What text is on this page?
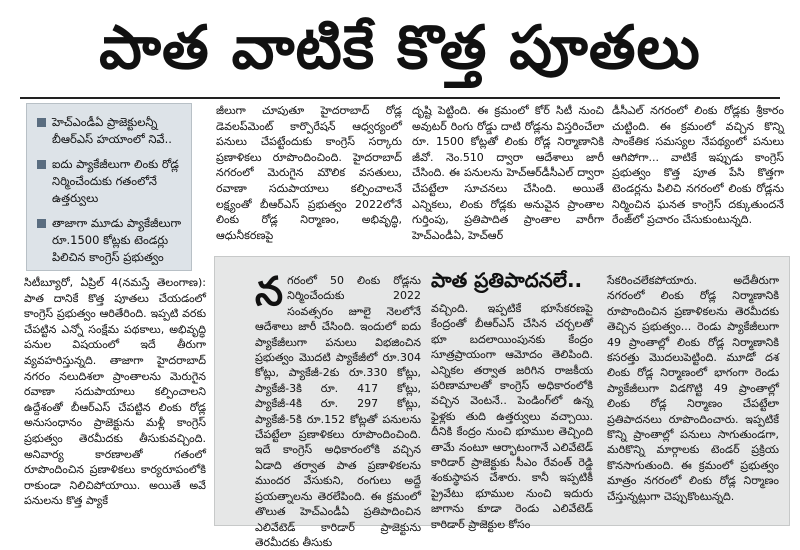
పాత వాటికే కొత్త పూతలు
హెచ్‌ఎండీఏ ప్రాజెక్టులన్నీ బీఆర్‌ఎస్ హయాంలో నివే..
ఐదు ప్యాకేజీలుగా లింకు రోడ్ల నిర్మించేందుకు గతంలోనే ఉత్తర్వులు
తాజాగా మూడు ప్యాకేజీలుగా రూ.1500 కోట్లకు టెండర్లు పిలిచిన కాంగ్రెస్ ప్రభుత్వం
సిటీబ్యూరో, ఏప్రిల్ 4(నమస్తే తెలంగాణ): పాత దానికే కొత్త పూతలు చేయడంలో కాంగ్రెస్ ప్రభుత్వం ఆరితేరింది. ఇప్పటి వరకు చేపట్టిన ఎన్నో సంక్షేమ పథకాలు, అభివృద్ధి పనుల విషయంలో ఇదే తీరుగా వ్యవహరిస్తున్నది. తాజాగా హైదరాబాద్ నగరం నలుదిశలా ప్రాంతాలను మెరుగైన రవాణా సదుపాయాలు కల్పించాలని ఉద్దేశంతో బీఆర్‌ఎస్ చేపట్టిన లింకు రోడ్ల అనుసంధానం ప్రాజెక్టును మళ్లీ కాంగ్రెస్ ప్రభుత్వం తెరమీదకు తీసుకువచ్చింది. అనివార్య కారణాలతో గతంలో రూపొందించిన ప్రణాళికలు కార్యరూపంలోకి రాకుండా నిలిచిపోయాయి. అయితే అవే పనులను కొత్త ప్యాకే
జీలుగా చూపుతూ హైదరాబాద్ రోడ్ల డెవలప్‌మెంట్ కార్పొరేషన్ ఆధ్వర్యంలో పనులు చేపట్టేందుకు కాంగ్రెస్ సర్కారు ప్రణాళికలు రూపొందించింది. హైదరాబాద్ నగరంలో మెరుగైన మౌలిక వసతులు, రవాణా సదుపాయాలు కల్పించాలనే లక్ష్యంతో బీఆర్‌ఎస్ ప్రభుత్వం 2022లోనే లింకు రోడ్ల నిర్మాణం, అభివృద్ధి, ఆధునీకరణపై
దృష్టి పెట్టింది. ఈ క్రమంలో కోర్ సిటీ నుంచి అవుటర్ రింగు రోడ్డు దాటి రోడ్లను విస్తరించేలా రూ. 1500 కోట్లతో లింకు రోడ్ల నిర్మాణానికి జీవో. నెం.510 ద్వారా ఆదేశాలు జారీ చేసింది. ఈ పనులను హెచ్‌ఆర్‌డీసీఎల్ ద్వారా చేపట్టేలా సూచనలు చేసింది. అయితే ఎన్నికలు, లింకు రోడ్లకు అనువైన ప్రాంతాల గుర్తింపు, ప్రతిపాదిత ప్రాంతాల వారీగా హెచ్‌ఎండీఏ, హెచ్‌ఆర్
డీసీఎల్ నగరంలో లింకు రోడ్లకు శ్రీకారం చుట్టింది. ఈ క్రమంలో వచ్చిన కొన్ని సాంకేతిక సమస్యల నేపథ్యంలో పనులు ఆగిపోగా... వాటికే ఇప్పుడు కాంగ్రెస్ ప్రభుత్వం కొత్త పూత పేసి కొత్తగా టెండర్లను పిలిచి నగరంలో లింకు రోడ్లను నిర్మించిన ఘనత కాంగ్రెస్ దక్కుతుందనే రేంజ్‌లో ప్రచారం చేసుకుంటున్నది.
న గరంలో 50 లింకు రోడ్లను నిర్మించేందుకు 2022 సంవత్సరం జూలై నెలలోనే ఆదేశాలు జారీ చేసింది. ఇందులో ఐదు ప్యాకేజీలుగా పనులు విభజించిన ప్రభుత్వం మొదటి ప్యాకేజీలో రూ.304 కోట్లు, ప్యాకేజీ-2కు రూ.330 కోట్లు, ప్యాకేజీ-3కి రూ. 417 కోట్లు, ప్యాకేజీ-4కి రూ. 297 కోట్లు, ప్యాకేజీ-5కి రూ.152 కోట్లతో పనులను చేపట్టేలా ప్రణాళికలు రూపొందించింది. ఇదే కాంగ్రెస్ అధికారంలోకి వచ్చిన ఏడాది తర్వాత పాత ప్రణాళికలను ముందర వేసుకుని, రంగులు అద్దే ప్రయత్నాలను తెరలేపింది. ఈ క్రమంలో తొలుత హెచ్‌ఎండీఏ ప్రతిపాదించిన ఎలివేటెడ్ కారిడార్ ప్రాజెక్టును తెరమీదకు తీసుకు
పాత ప్రతిపాదనలే..
వచ్చింది. ఇప్పటికే భూసేకరణపై కేంద్రంతో బీఆర్‌ఎస్ చేసిన చర్చలతో భూ బదలాయింపునకు కేంద్రం సూత్రప్రాయంగా ఆమోదం తెలిపింది. ఎన్నికల తర్వాత జరిగిన రాజకీయ పరిణామాలతో కాంగ్రెస్ అధికారంలోకి వచ్చిన వెంటనే.. పెండింగ్‌లో ఉన్న ఫైళ్లకు తుది ఉత్తర్వులు వచ్చాయి. దీనికి కేంద్రం నుంచి భూముల తెచ్చింది తామే నంటూ ఆర్భాటంగానే ఎలివేటెడ్ కారిడార్ ప్రాజెక్టుకు సీఎం రేవంత్ రెడ్డి శంకుస్థాపన చేశారు. కానీ ఇప్పటికీ ప్రైవేటు భూముల నుంచి ఇదురు జాగాను కూడా రెండు ఎలివేటెడ్ కారిడార్ ప్రాజెక్టుల కోసం
సేకరించలేకపోయారు. అదేతీరుగా నగరంలో లింకు రోడ్ల నిర్మాణానికి రూపొందించిన ప్రణాళికలను తెరమీదకు తెచ్చిన ప్రభుత్వం... రెండు ప్యాకేజీలుగా 49 ప్రాంతాల్లో లింకు రోడ్ల నిర్మాణానికి కసరత్తు మొదలుపెట్టింది. మూడో దశ లింకు రోడ్ల నిర్మాణంలో భాగంగా రెండు ప్యాకేజీలుగా విడగొట్టి 49 ప్రాంతాల్లో లింకు రోడ్ల నిర్మాణం చేపట్టేలా ప్రతిపాదనలు రూపొందించారు. ఇప్పటికే కొన్ని ప్రాంతాల్లో పనులు సాగుతుండగా, మరికొన్ని మార్గాలకు టెండర్ ప్రక్రియ కొనసాగుతుంది. ఈ క్రమంలో ప్రభుత్వం మాత్రం నగరంలో లింకు రోడ్ల నిర్మాణం చేస్తున్నట్లుగా చెప్పుకొంటున్నది.
